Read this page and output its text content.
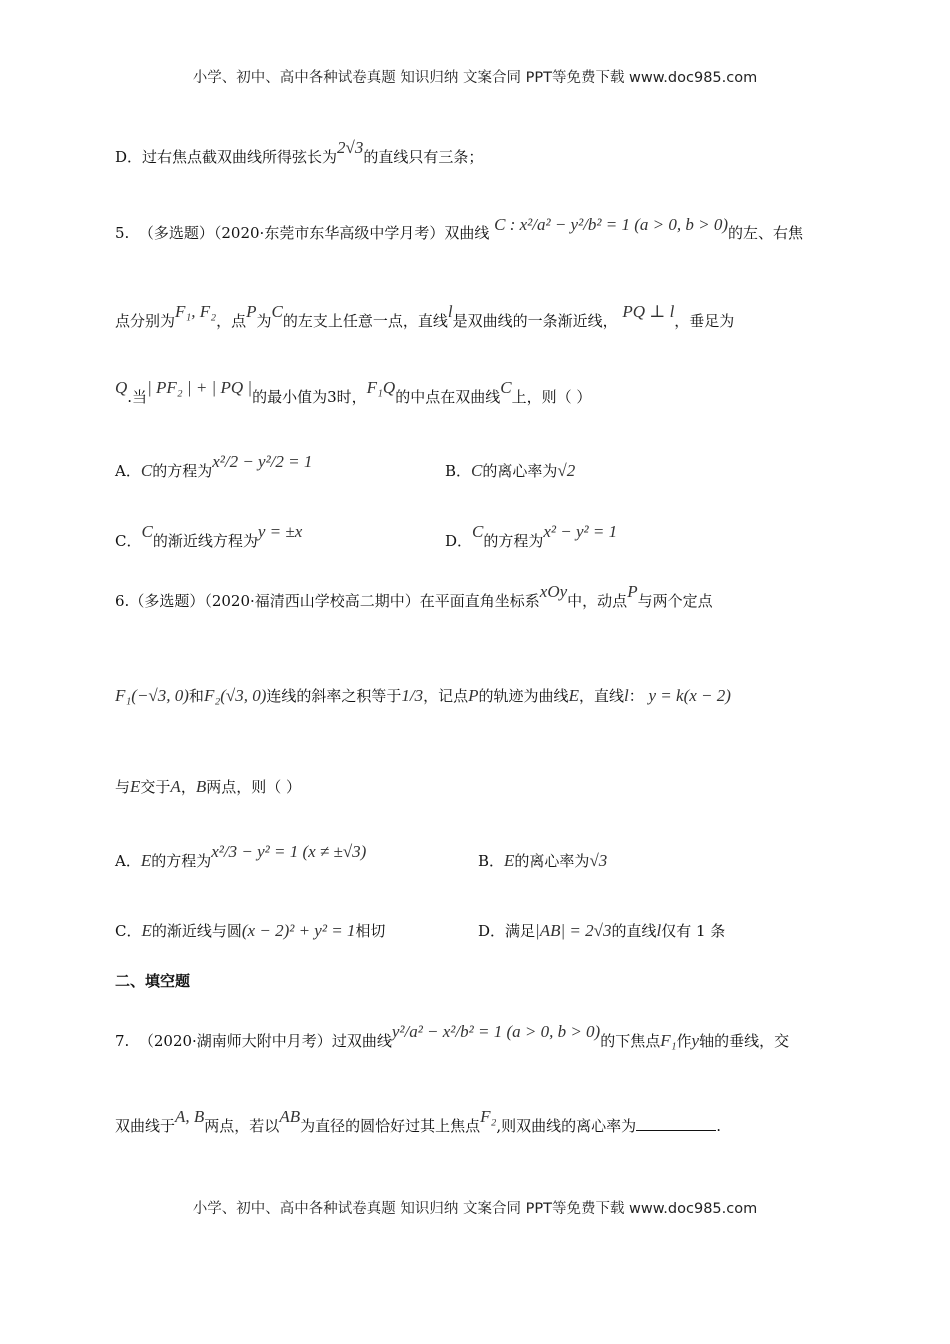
小学、初中、高中各种试卷真题 知识归纳 文案合同 PPT等免费下载 www.doc985.com
D．过右焦点截双曲线所得弦长为2√3的直线只有三条；
5. （多选题）（2020·东莞市东华高级中学月考）双曲线 C : x²/a² − y²/b² = 1 (a > 0, b > 0)的左、右焦
点分别为F₁, F₂，点P为C的左支上任意一点，直线l是双曲线的一条渐近线， PQ ⊥ l，垂足为
Q.当| PF₂ | + | PQ |的最小值为3时，F₁Q的中点在双曲线C上，则（ ）
A．C的方程为x²/2 − y²/2 = 1	B．C的离心率为√2
C．C的渐近线方程为y = ±x	D．C的方程为x² − y² = 1
6.（多选题）（2020·福清西山学校高二期中）在平面直角坐标系xOy中，动点P与两个定点
F₁(−√3, 0)和F₂(√3, 0)连线的斜率之积等于1/3，记点P的轨迹为曲线E，直线l： y = k(x − 2)
与E交于A，B两点，则（ ）
A．E的方程为x²/3 − y² = 1 (x ≠ ±√3)	B．E的离心率为√3
C．E的渐近线与圆(x − 2)² + y² = 1相切	D．满足|AB| = 2√3的直线l仅有 1 条
二、填空题
7. （2020·湖南师大附中月考）过双曲线y²/a² − x²/b² = 1 (a > 0, b > 0)的下焦点F₁作y轴的垂线，交
双曲线于A, B两点，若以AB为直径的圆恰好过其上焦点F₂,则双曲线的离心率为	.
小学、初中、高中各种试卷真题 知识归纳 文案合同 PPT等免费下载 www.doc985.com
